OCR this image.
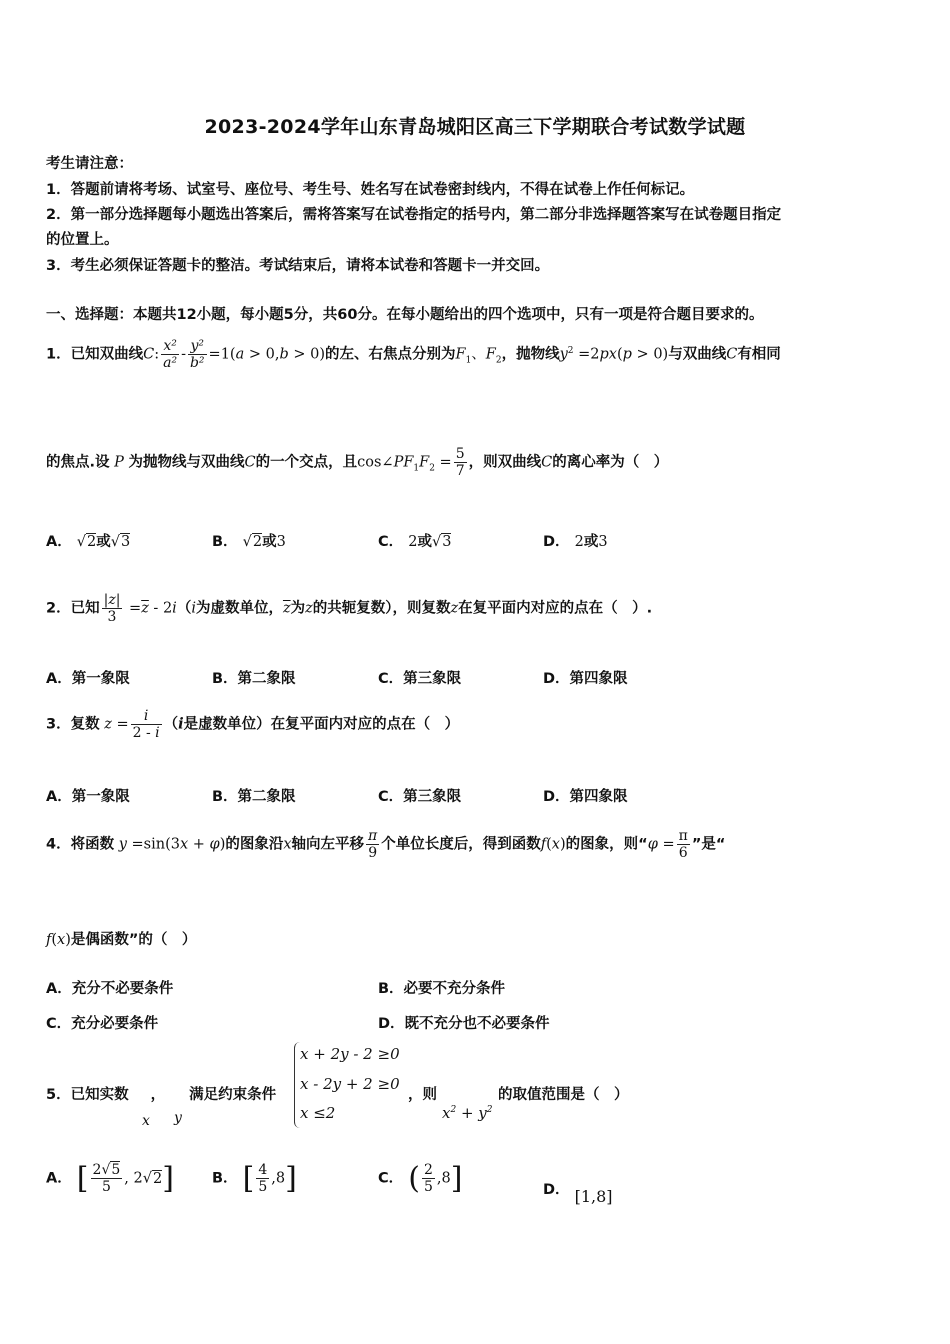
2023-2024学年山东青岛城阳区高三下学期联合考试数学试题
考生请注意：
1．答题前请将考场、试室号、座位号、考生号、姓名写在试卷密封线内，不得在试卷上作任何标记。
2．第一部分选择题每小题选出答案后，需将答案写在试卷指定的括号内，第二部分非选择题答案写在试卷题目指定
的位置上。
3．考生必须保证答题卡的整洁。考试结束后，请将本试卷和答题卡一并交回。
一、选择题：本题共12小题，每小题5分，共60分。在每小题给出的四个选项中，只有一项是符合题目要求的。
1．已知双曲线C: $\frac{\text{x²}}{\text{a²}} - \frac{\text{y²}}{\text{b²}} =1(a > 0,b > 0)$的左、右焦点分别为$F_1$、$F_2$，抛物线$y^2 =2px(p > 0)$与双曲线C有相同
的焦点.设 P 为抛物线与双曲线C的一个交点，且$\cos\angle PF_1F_2 = \frac{5}{7}$ ，则双曲线C的离心率为（　）
A． √2或√3	B． √2或3	C． 2或√3	D． 2或3
2．已知 $\frac{|z|}{3} =\overline{z} - 2i(i$为虚数单位，$\overline{z}$为z的共轭复数），则复数z在复平面内对应的点在（　）.
A．第一象限	B．第二象限	C．第三象限	D．第四象限
3．复数 $z = \frac{i}{2 - i} (i$是虚数单位）在复平面内对应的点在（　）
A．第一象限	B．第二象限	C．第三象限	D．第四象限
4．将函数 y =sin(3x + φ)的图象沿x轴向左平移 $\frac{\pi}{9}$ 个单位长度后，得到函数f(x)的图象，则“$\varphi = \frac{\pi}{6}$ ”是“
f(x)是偶函数”的（　）
A．充分不必要条件	B．必要不充分条件
C．充分必要条件	D．既不充分也不必要条件
5．已知实数 ， 满足约束条件
x y
x + 2y - 2 ≥0
x - 2y + 2 ≥0
x ≤2
，则
$x^2 + y^2$
的取值范围是（　）
A． [ $\frac{2√5}{5}$ , 2√2]	B． [ $\frac{4}{5} ,8$]	C． ( $\frac{2}{5} ,8$]	D． [1,8]
